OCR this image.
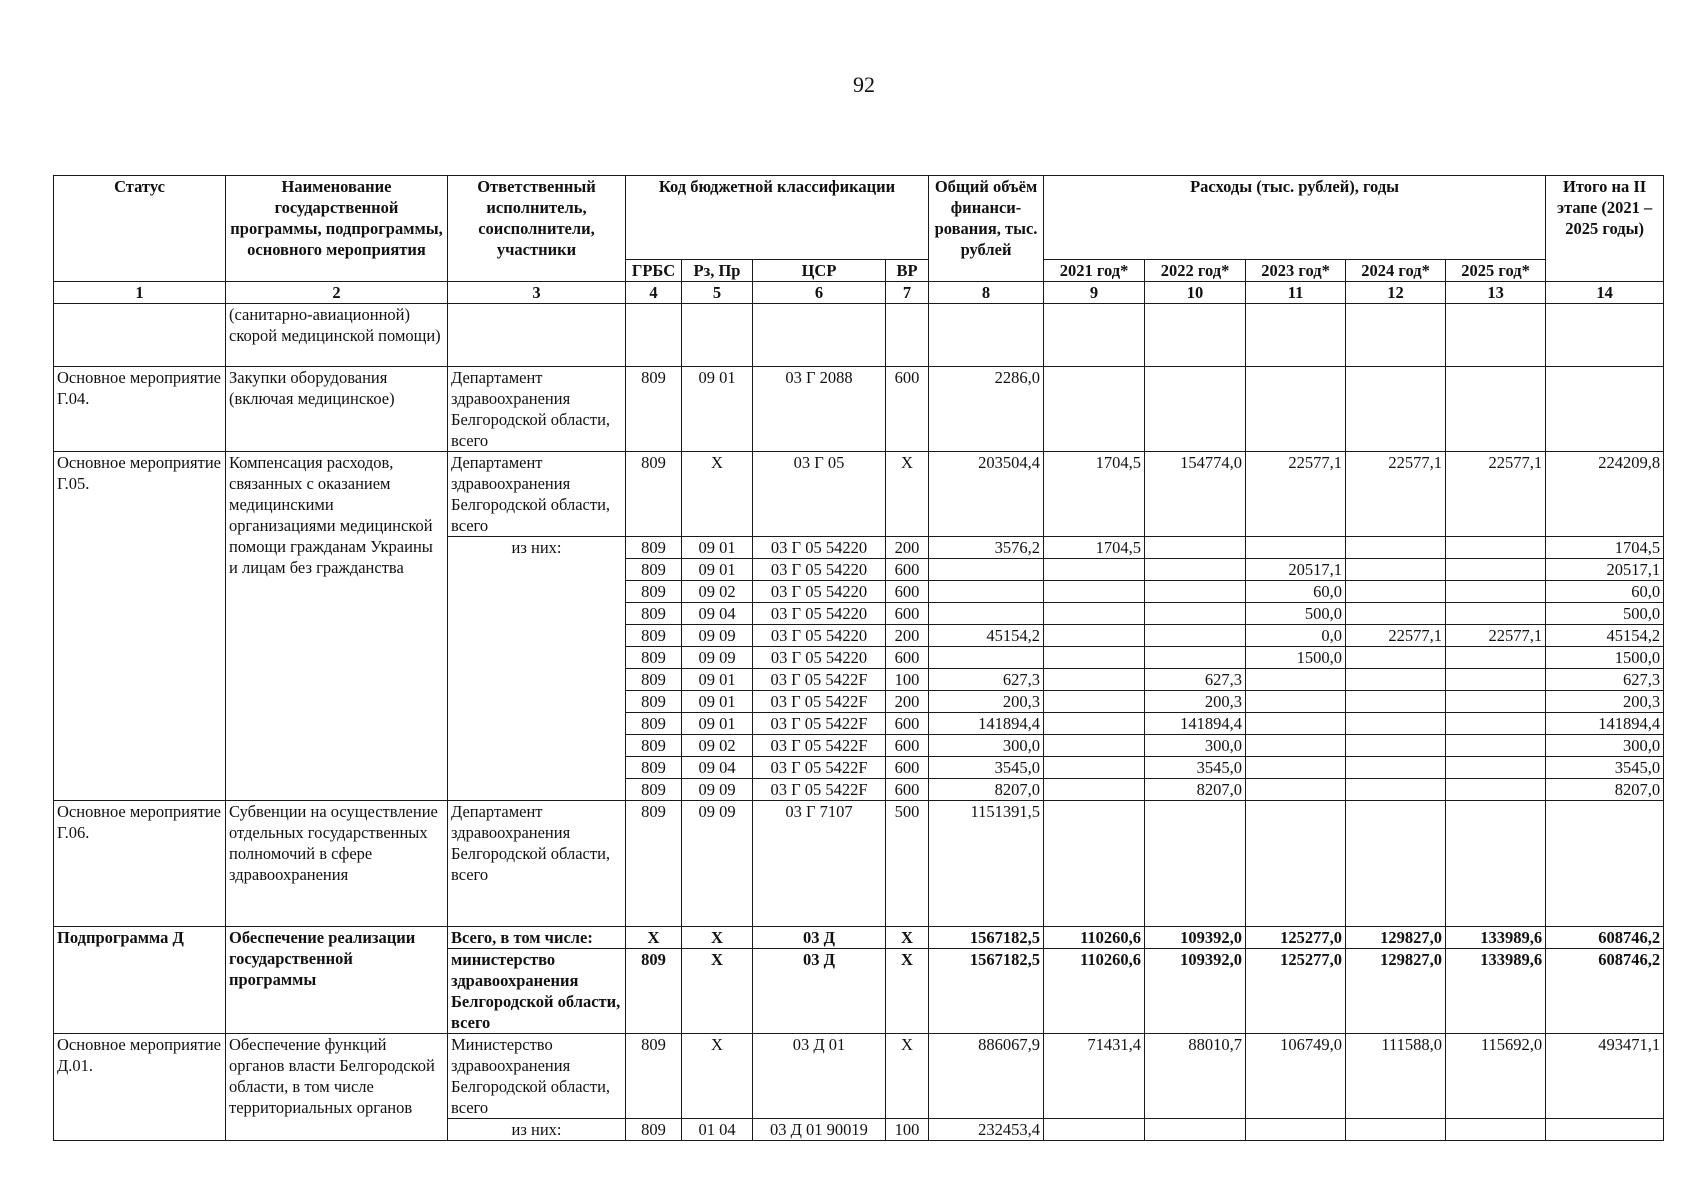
92
Статус	Наименование государственной программы, подпрограммы, основного мероприятия	Ответственный исполнитель, соисполнители, участники	Код бюджетной классификации				Общий объём финанси-рования, тыс. рублей	Расходы (тыс. рублей), годы					Итого на II этапе (2021 – 2025 годы)
			ГРБС	Рз, Пр	ЦСР	ВР		2021 год*	2022 год*	2023 год*	2024 год*	2025 год*	
1	2	3	4	5	6	7	8	9	10	11	12	13	14
	(санитарно-авиационной) скорой медицинской помощи)												
Основное мероприятие Г.04.	Закупки оборудования (включая медицинское)	Департамент здравоохранения Белгородской области, всего	809	09 01	03 Г 2088	600	2286,0						
Основное мероприятие Г.05.	Компенсация расходов, связанных с оказанием медицинскими организациями медицинской помощи гражданам Украины и лицам без гражданства	Департамент здравоохранения Белгородской области, всего	809	Х	03 Г 05	Х	203504,4	1704,5	154774,0	22577,1	22577,1	22577,1	224209,8
		из них:	809	09 01	03 Г 05 54220	200	3576,2	1704,5					1704,5
			809	09 01	03 Г 05 54220	600				20517,1			20517,1
			809	09 02	03 Г 05 54220	600				60,0			60,0
			809	09 04	03 Г 05 54220	600				500,0			500,0
			809	09 09	03 Г 05 54220	200	45154,2			0,0	22577,1	22577,1	45154,2
			809	09 09	03 Г 05 54220	600				1500,0			1500,0
			809	09 01	03 Г 05 5422F	100	627,3		627,3				627,3
			809	09 01	03 Г 05 5422F	200	200,3		200,3				200,3
			809	09 01	03 Г 05 5422F	600	141894,4		141894,4				141894,4
			809	09 02	03 Г 05 5422F	600	300,0		300,0				300,0
			809	09 04	03 Г 05 5422F	600	3545,0		3545,0				3545,0
			809	09 09	03 Г 05 5422F	600	8207,0		8207,0				8207,0
Основное мероприятие Г.06.	Субвенции на осуществление отдельных государственных полномочий в сфере здравоохранения	Департамент здравоохранения Белгородской области, всего	809	09 09	03 Г 7107	500	1151391,5						
Подпрограмма Д	Обеспечение реализации государственной программы	Всего, в том числе:	Х	Х	03 Д	Х	1567182,5	110260,6	109392,0	125277,0	129827,0	133989,6	608746,2
		министерство здравоохранения Белгородской области, всего	809	Х	03 Д	Х	1567182,5	110260,6	109392,0	125277,0	129827,0	133989,6	608746,2
Основное мероприятие Д.01.	Обеспечение функций органов власти Белгородской области, в том числе территориальных органов	Министерство здравоохранения Белгородской области, всего	809	Х	03 Д 01	Х	886067,9	71431,4	88010,7	106749,0	111588,0	115692,0	493471,1
		из них:	809	01 04	03 Д 01 90019	100	232453,4						
